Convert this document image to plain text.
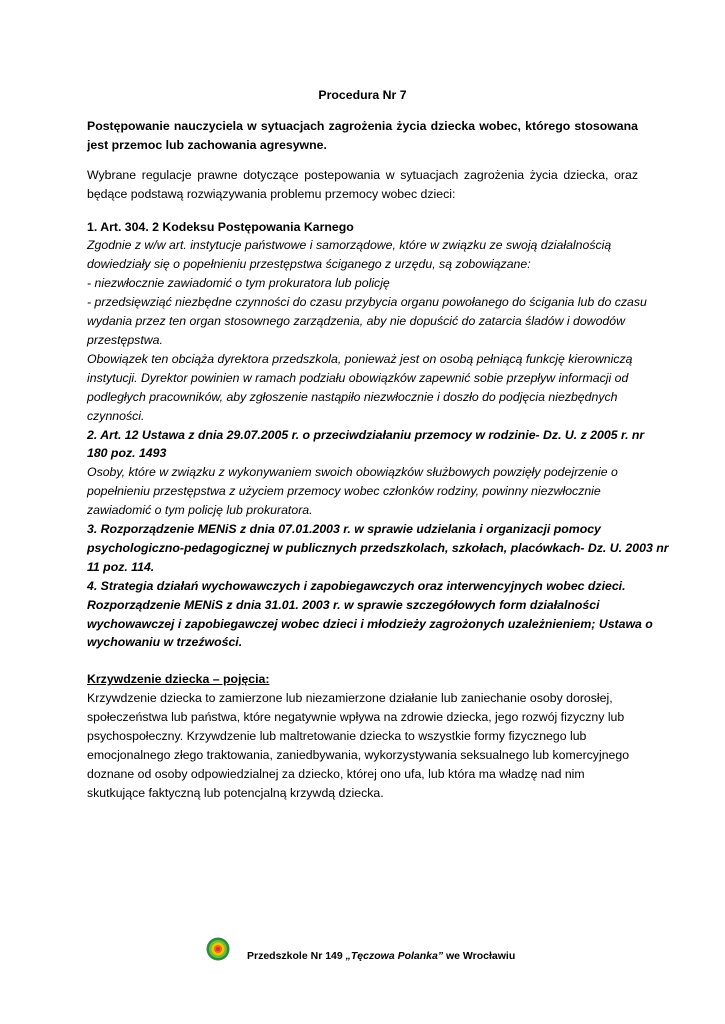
Procedura Nr 7
Postępowanie nauczyciela w sytuacjach zagrożenia życia dziecka wobec, którego stosowana jest przemoc lub zachowania agresywne.
Wybrane regulacje prawne dotyczące postepowania w sytuacjach zagrożenia życia dziecka, oraz będące podstawą rozwiązywania problemu przemocy wobec dzieci:
1. Art. 304. 2 Kodeksu Postępowania Karnego
Zgodnie z w/w art. instytucje państwowe i samorządowe, które w związku ze swoją działalnością
dowiedziały się o popełnieniu przestępstwa ściganego z urzędu, są zobowiązane:
- niezwłocznie zawiadomić o tym prokuratora lub policję
- przedsięwziąć niezbędne czynności do czasu przybycia organu powołanego do ścigania lub do czasu
wydania przez ten organ stosownego zarządzenia, aby nie dopuścić do zatarcia śladów i dowodów
przestępstwa.
Obowiązek ten obciąża dyrektora przedszkola, ponieważ jest on osobą pełniącą funkcję kierowniczą
instytucji. Dyrektor powinien w ramach podziału obowiązków zapewnić sobie przepływ informacji od
podległych pracowników, aby zgłoszenie nastąpiło niezwłocznie i doszło do podjęcia niezbędnych
czynności.
2. Art. 12 Ustawa z dnia 29.07.2005 r. o przeciwdziałaniu przemocy w rodzinie- Dz. U. z 2005 r. nr
180 poz. 1493
Osoby, które w związku z wykonywaniem swoich obowiązków służbowych powzięły podejrzenie o
popełnieniu przestępstwa z użyciem przemocy wobec członków rodziny, powinny niezwłocznie
zawiadomić o tym policję lub prokuratora.
3. Rozporządzenie MENiS z dnia 07.01.2003 r. w sprawie udzielania i organizacji pomocy
psychologiczno-pedagogicznej w publicznych przedszkolach, szkołach, placówkach- Dz. U. 2003 nr
11 poz. 114.
4. Strategia działań wychowawczych i zapobiegawczych oraz interwencyjnych wobec dzieci.
Rozporządzenie MENiS z dnia 31.01. 2003 r. w sprawie szczegółowych form działalności
wychowawczej i zapobiegawczej wobec dzieci i młodzieży zagrożonych uzależnieniem; Ustawa o
wychowaniu w trzeźwości.
Krzywdzenie dziecka – pojęcia:
Krzywdzenie dziecka to zamierzone lub niezamierzone działanie lub zaniechanie osoby dorosłej,
społeczeństwa lub państwa, które negatywnie wpływa na zdrowie dziecka, jego rozwój fizyczny lub
psychospołeczny. Krzywdzenie lub maltretowanie dziecka to wszystkie formy fizycznego lub
emocjonalnego złego traktowania, zaniedbywania, wykorzystywania seksualnego lub komercyjnego
doznane od osoby odpowiedzialnej za dziecko, której ono ufa, lub która ma władzę nad nim
skutkujące faktyczną lub potencjalną krzywdą dziecka.
Przedszkole Nr 149 „Tęczowa Polanka” we Wrocławiu
